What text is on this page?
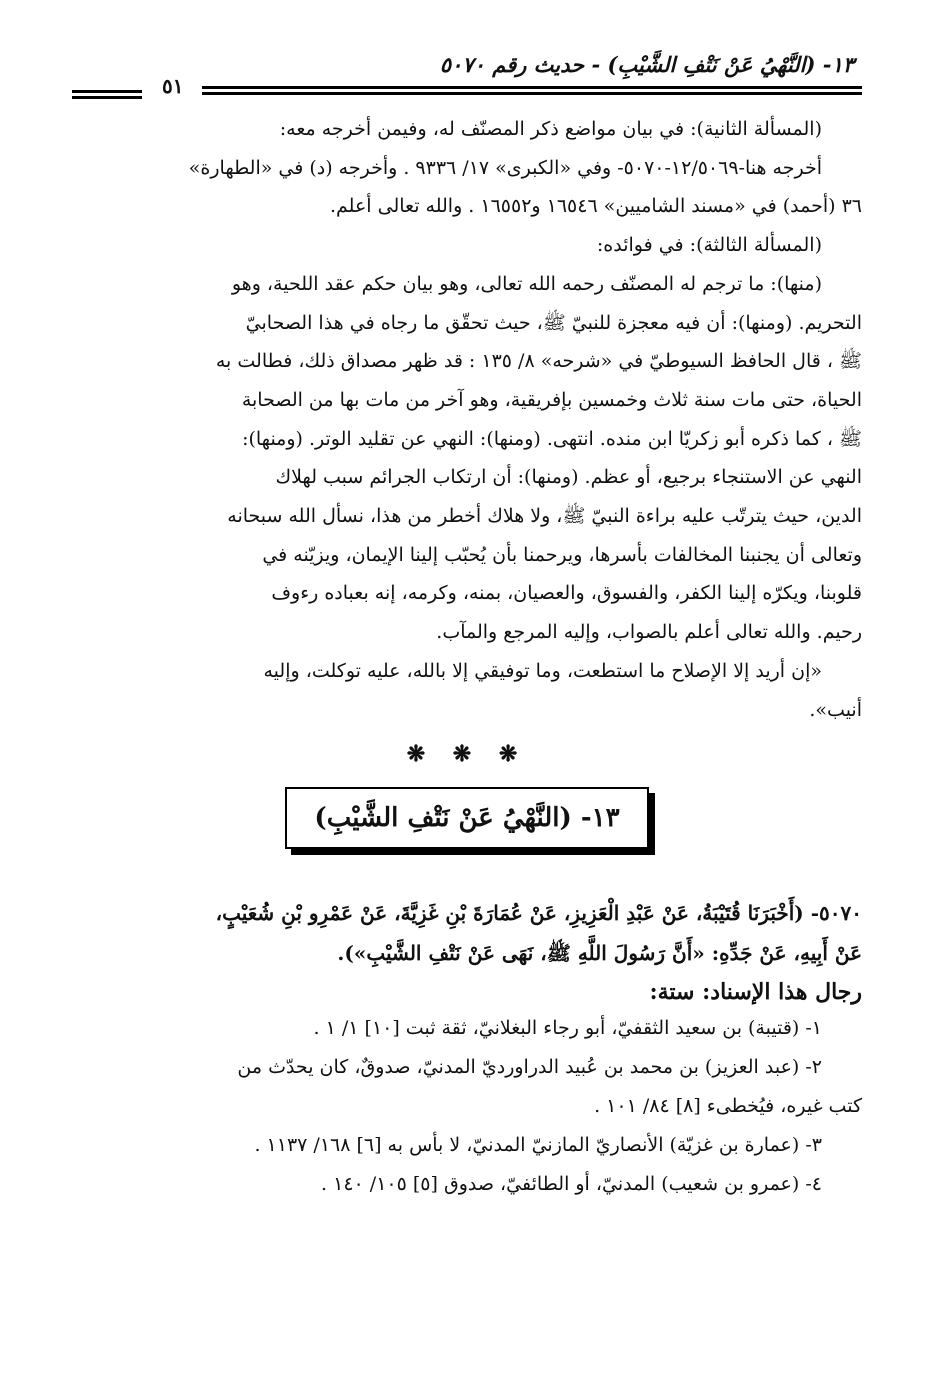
١٣- (النَّهْيُ عَنْ نَتْفِ الشَّيْبِ) - حديث رقم ٥٠٧٠
٥١

(المسألة الثانية): في بيان مواضع ذكر المصنّف له، وفيمن أخرجه معه:

أخرجه هنا-١٢/٥٠٦٩-٥٠٧٠- وفي «الكبرى» ١٧/ ٩٣٣٦ . وأخرجه (د) في «الطهارة»

٣٦ (أحمد) في «مسند الشاميين» ١٦٥٤٦ و١٦٥٥٢ . والله تعالى أعلم.

(المسألة الثالثة): في فوائده:

(منها): ما ترجم له المصنّف رحمه الله تعالى، وهو بيان حكم عقد اللحية، وهو

التحريم. (ومنها): أن فيه معجزة للنبيّ ﷺ، حيث تحقّق ما رجاه في هذا الصحابيّ

ﷺ ، قال الحافظ السيوطيّ في «شرحه» ٨/ ١٣٥ : قد ظهر مصداق ذلك، فطالت به

الحياة، حتى مات سنة ثلاث وخمسين بإفريقية، وهو آخر من مات بها من الصحابة

ﷺ ، كما ذكره أبو زكريّا ابن منده. انتهى. (ومنها): النهي عن تقليد الوتر. (ومنها):

النهي عن الاستنجاء برجيع، أو عظم. (ومنها): أن ارتكاب الجرائم سبب لهلاك

الدين، حيث يترتّب عليه براءة النبيّ ﷺ، ولا هلاك أخطر من هذا، نسأل الله سبحانه

وتعالى أن يجنبنا المخالفات بأسرها، ويرحمنا بأن يُحبّب إلينا الإيمان، ويزيّنه في

قلوبنا، ويكرّه إلينا الكفر، والفسوق، والعصيان، بمنه، وكرمه، إنه بعباده رءوف

رحيم. والله تعالى أعلم بالصواب، وإليه المرجع والمآب.

«إن أريد إلا الإصلاح ما استطعت، وما توفيقي إلا بالله، عليه توكلت، وإليه

أنيب».

❋ ❋ ❋
١٣- (النَّهْيُ عَنْ نَتْفِ الشَّيْبِ)

٥٠٧٠- (أَخْبَرَنَا قُتَيْبَةُ، عَنْ عَبْدِ الْعَزِيزِ، عَنْ عُمَارَةَ بْنِ غَزِيَّةَ، عَنْ عَمْرِو بْنِ شُعَيْبٍ،

عَنْ أَبِيهِ، عَنْ جَدِّهِ: «أَنَّ رَسُولَ اللَّهِ ﷺ، نَهَى عَنْ نَتْفِ الشَّيْبِ»).

رجال هذا الإسناد: ستة:

١- (قتيبة) بن سعيد الثقفيّ، أبو رجاء البغلانيّ، ثقة ثبت [١٠] ١/ ١ .

٢- (عبد العزيز) بن محمد بن عُبيد الدراورديّ المدنيّ، صدوقٌ، كان يحدّث من

كتب غيره، فيُخطىء [٨] ٨٤/ ١٠١ .

٣- (عمارة بن غزيّة) الأنصاريّ المازنيّ المدنيّ، لا بأس به [٦] ١٦٨/ ١١٣٧ .

٤- (عمرو بن شعيب) المدنيّ، أو الطائفيّ، صدوق [٥] ١٠٥/ ١٤٠ .
